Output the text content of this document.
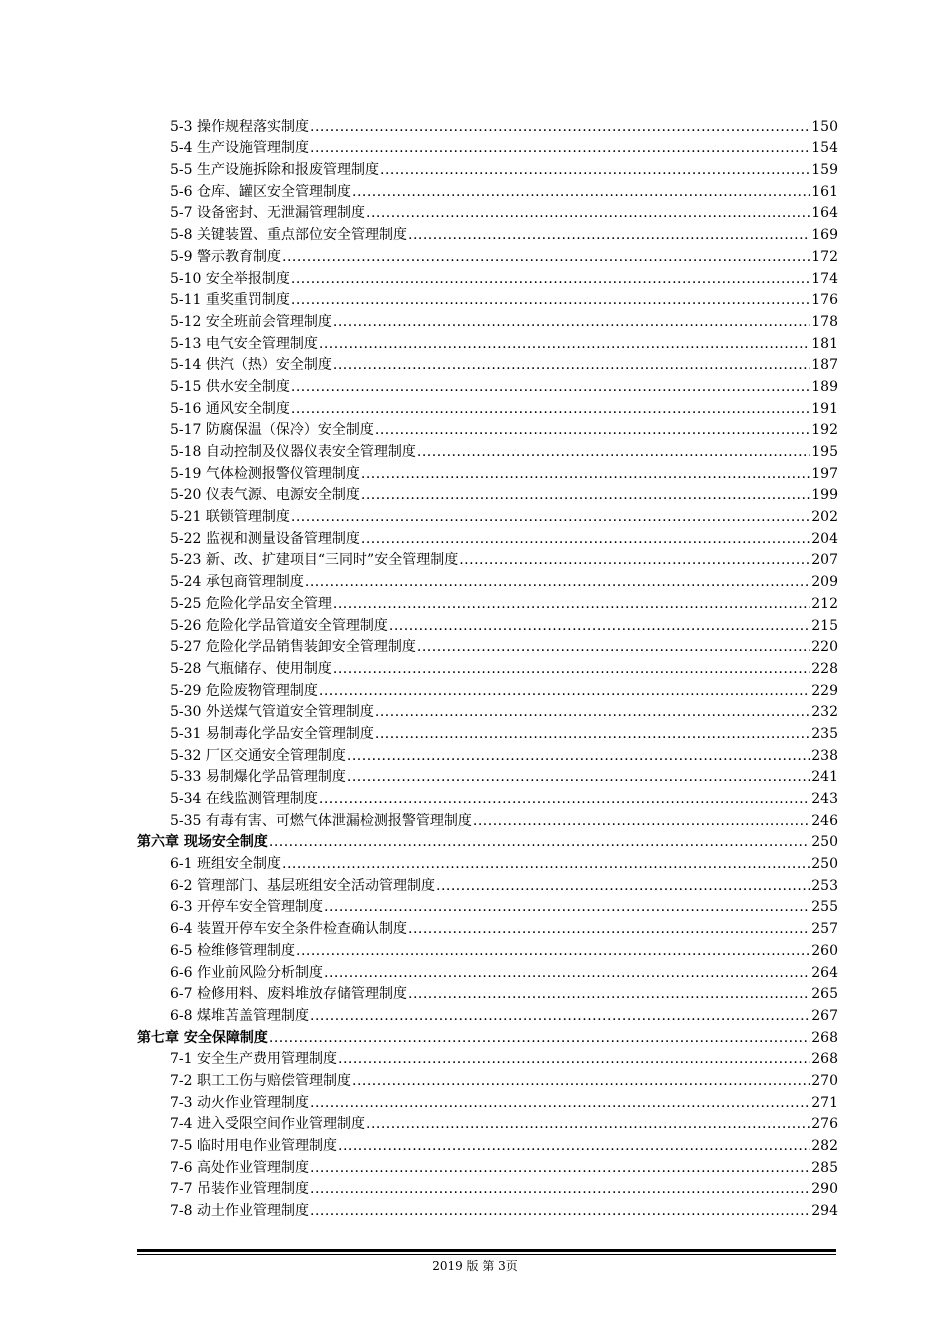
5-3 操作规程落实制度 .....	150
5-4 生产设施管理制度 .....	154
5-5 生产设施拆除和报废管理制度 .....	159
5-6 仓库、罐区安全管理制度 .....	161
5-7 设备密封、无泄漏管理制度 .....	164
5-8 关键装置、重点部位安全管理制度 .....	169
5-9 警示教育制度 .....	172
5-10 安全举报制度 .....	174
5-11 重奖重罚制度 .....	176
5-12 安全班前会管理制度 .....	178
5-13 电气安全管理制度 .....	181
5-14 供汽（热）安全制度 .....	187
5-15 供水安全制度 .....	189
5-16 通风安全制度 .....	191
5-17 防腐保温（保冷）安全制度 .....	192
5-18 自动控制及仪器仪表安全管理制度 .....	195
5-19 气体检测报警仪管理制度 .....	197
5-20 仪表气源、电源安全制度 .....	199
5-21 联锁管理制度 .....	202
5-22 监视和测量设备管理制度 .....	204
5-23 新、改、扩建项目“三同时”安全管理制度 .....	207
5-24 承包商管理制度 .....	209
5-25 危险化学品安全管理 .....	212
5-26 危险化学品管道安全管理制度 .....	215
5-27 危险化学品销售装卸安全管理制度 .....	220
5-28 气瓶储存、使用制度 .....	228
5-29 危险废物管理制度 .....	229
5-30 外送煤气管道安全管理制度 .....	232
5-31 易制毒化学品安全管理制度 .....	235
5-32 厂区交通安全管理制度 .....	238
5-33 易制爆化学品管理制度 .....	241
5-34 在线监测管理制度 .....	243
5-35 有毒有害、可燃气体泄漏检测报警管理制度 .....	246
第六章 现场安全制度 .....	250
6-1 班组安全制度 .....	250
6-2 管理部门、基层班组安全活动管理制度 .....	253
6-3 开停车安全管理制度 .....	255
6-4 装置开停车安全条件检查确认制度 .....	257
6-5 检维修管理制度 .....	260
6-6 作业前风险分析制度 .....	264
6-7 检修用料、废料堆放存储管理制度 .....	265
6-8 煤堆苫盖管理制度 .....	267
第七章 安全保障制度 .....	268
7-1 安全生产费用管理制度 .....	268
7-2 职工工伤与赔偿管理制度 .....	270
7-3 动火作业管理制度 .....	271
7-4 进入受限空间作业管理制度 .....	276
7-5 临时用电作业管理制度 .....	282
7-6 高处作业管理制度 .....	285
7-7 吊装作业管理制度 .....	290
7-8 动土作业管理制度 .....	294
2019 版 第 3页
